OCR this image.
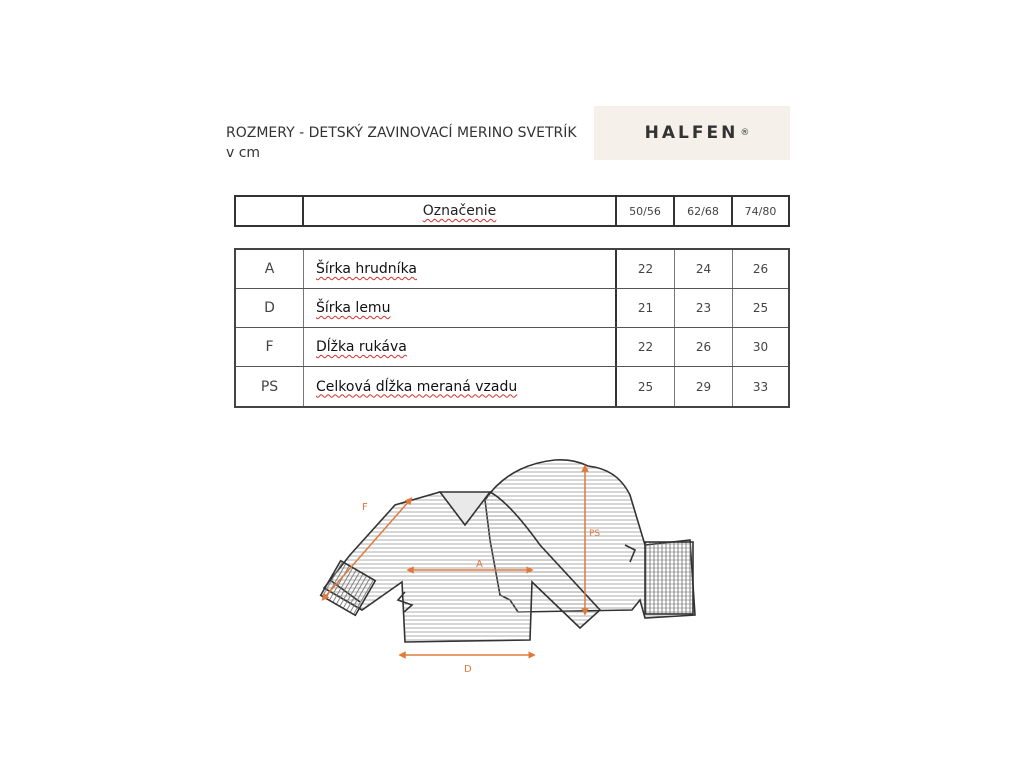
ROZMERY - DETSKÝ ZAVINOVACÍ MERINO SVETRÍK
v cm
HALFEN ®
Označenie	50/56	62/68	74/80
A	Šírka hrudníka	22	24	26
D	Šírka lemu	21	23	25
F	Dĺžka rukáva	22	26	30
PS	Celková dĺžka meraná vzadu	25	29	33
F
A
D
PS
